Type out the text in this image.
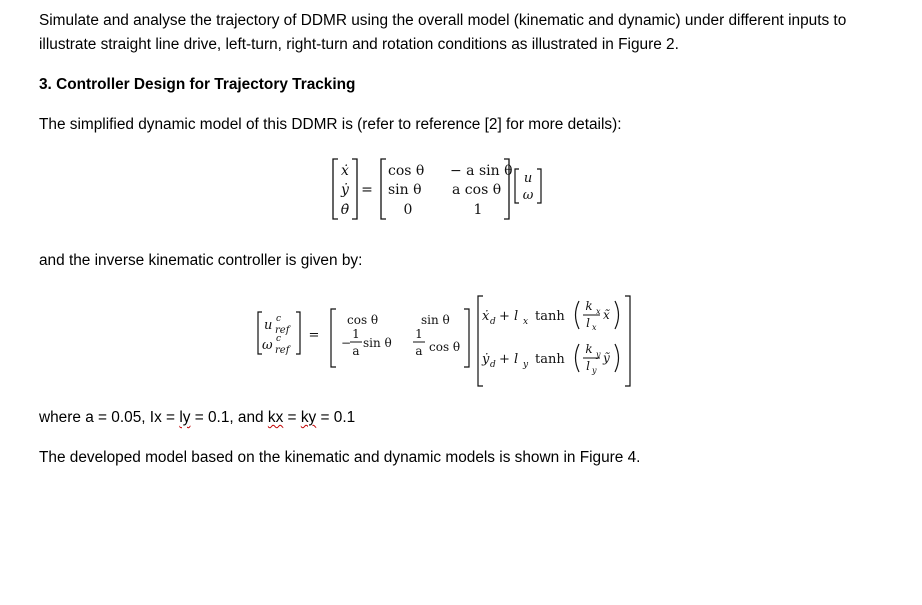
Simulate and analyse the trajectory of DDMR using the overall model (kinematic and dynamic) under different inputs to illustrate straight line drive, left-turn, right-turn and rotation conditions as illustrated in Figure 2.
3. Controller Design for Trajectory Tracking
The simplified dynamic model of this DDMR is (refer to reference [2] for more details):
ẋ
ẏ
θ̇
=
cos θ − a sin θ
sin θ a cos θ
0	1
u
ω
and the inverse kinematic controller is given by:
u c
ref
ω c
ref
=
cos θ	sin θ
1
a
− sin θ
1
a cos θ
ẋ d + l x tanh
k x
l x
x̃
ẏ d + l y tanh
k y
l y
ỹ
where a = 0.05, Ix = ly = 0.1, and kx = ky = 0.1
The developed model based on the kinematic and dynamic models is shown in Figure 4.
